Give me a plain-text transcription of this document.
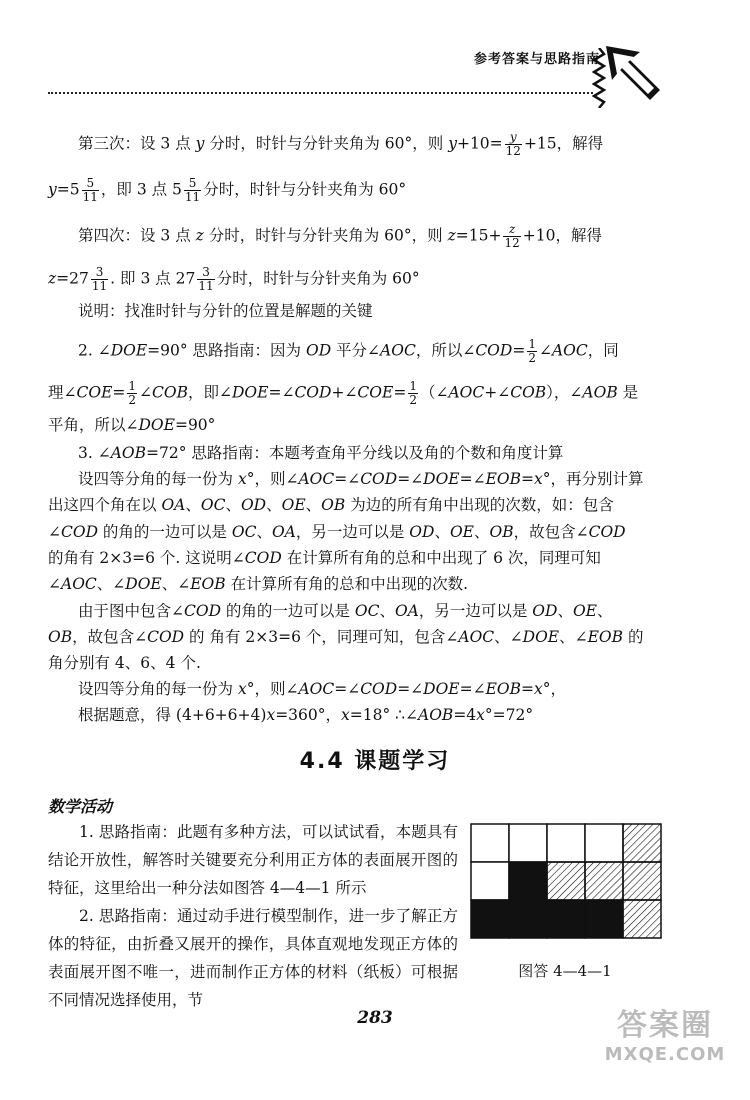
参考答案与思路指南
第三次：设 3 点 y 分时，时针与分针夹角为 60°，则 $y+10= \frac{y}{12} +15$，解得
$y=5 \frac{5}{11}$ ，即 3 点 $5 \frac{5}{11}$ 分时，时针与分针夹角为 60°
第四次：设 3 点 z 分时，时针与分针夹角为 60°，则 $z=15+ \frac{z}{12} +10$，解得
$z=27 \frac{3}{11}$ . 即 3 点 $27 \frac{3}{11}$ 分时，时针与分针夹角为 60°
说明：找准时针与分针的位置是解题的关键
2. ∠DOE=90° 思路指南：因为 OD 平分∠AOC，所以∠COD= $\frac{1}{2}$ ∠AOC，同
理∠COE= $\frac{1}{2}$ ∠COB，即∠DOE=∠COD+∠COE= $\frac{1}{2}$ （∠AOC+∠COB），∠AOB 是
平角，所以∠DOE=90°
3. ∠AOB=72° 思路指南：本题考查角平分线以及角的个数和角度计算
设四等分角的每一份为 x°，则∠AOC=∠COD=∠DOE=∠EOB=x°，再分别计算
出这四个角在以 OA、OC、OD、OE、OB 为边的所有角中出现的次数，如：包含
∠COD 的角的一边可以是 OC、OA，另一边可以是 OD、OE、OB，故包含∠COD
的角有 2×3=6 个. 这说明∠COD 在计算所有角的总和中出现了 6 次，同理可知
∠AOC、∠DOE、∠EOB 在计算所有角的总和中出现的次数.
由于图中包含∠COD 的角的一边可以是 OC、OA，另一边可以是 OD、OE、
OB，故包含∠COD 的 角有 2×3=6 个，同理可知，包含∠AOC、∠DOE、∠EOB 的
角分别有 4、6、4 个.
设四等分角的每一份为 x°，则∠AOC=∠COD=∠DOE=∠EOB=x°，
根据题意，得 (4+6+6+4)x=360°，x=18° ∴∠AOB=4x°=72°
4.4 课题学习
数学活动
1. 思路指南：此题有多种方法，可以试试看，本题具有结论开放性，解答时关键要充分利用正方体的表面展开图的特征，这里给出一种分法如图答 4—4—1 所示
2. 思路指南：通过动手进行模型制作，进一步了解正方体的特征，由折叠又展开的操作，具体直观地发现正方体的表面展开图不唯一，进而制作正方体的材料（纸板）可根据不同情况选择使用，节
图答 4—4—1
283	答案圈
MXQE.COM
